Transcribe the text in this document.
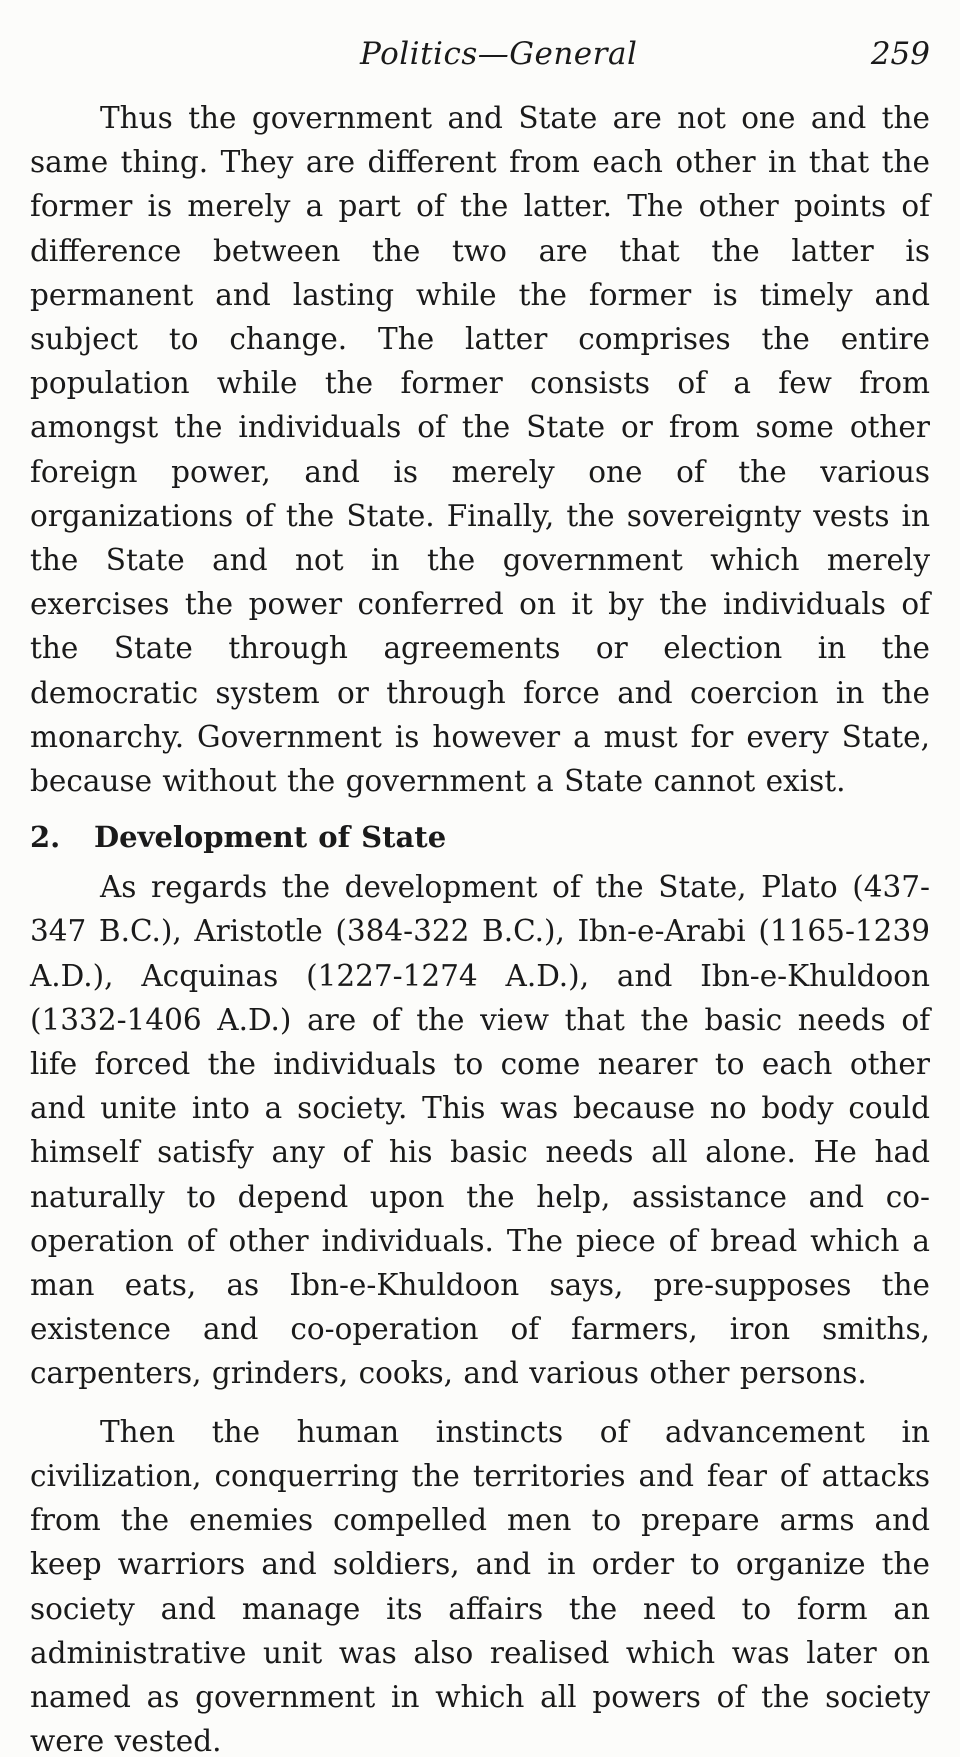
Politics—General	259

Thus the government and State are not one and the same thing. They are different from each other in that the former is merely a part of the latter. The other points of difference between the two are that the latter is permanent and lasting while the former is timely and subject to change. The latter comprises the entire population while the former consists of a few from amongst the individuals of the State or from some other foreign power, and is merely one of the various organizations of the State. Finally, the sovereignty vests in the State and not in the government which merely exercises the power conferred on it by the individuals of the State through agreements or election in the democratic system or through force and coercion in the monarchy. Government is however a must for every State, because without the government a State cannot exist.

2. Development of State

As regards the development of the State, Plato (437-347 B.C.), Aristotle (384-322 B.C.), Ibn-e-Arabi (1165-1239 A.D.), Acquinas (1227-1274 A.D.), and Ibn-e-Khuldoon (1332-1406 A.D.) are of the view that the basic needs of life forced the individuals to come nearer to each other and unite into a society. This was because no body could himself satisfy any of his basic needs all alone. He had naturally to depend upon the help, assistance and co-operation of other individuals. The piece of bread which a man eats, as Ibn-e-Khuldoon says, pre-supposes the existence and co-operation of farmers, iron smiths, carpenters, grinders, cooks, and various other persons.

Then the human instincts of advancement in civilization, conquerring the territories and fear of attacks from the enemies compelled men to prepare arms and keep warriors and soldiers, and in order to organize the society and manage its affairs the need to form an administrative unit was also realised which was later on named as government in which all powers of the society were vested.
